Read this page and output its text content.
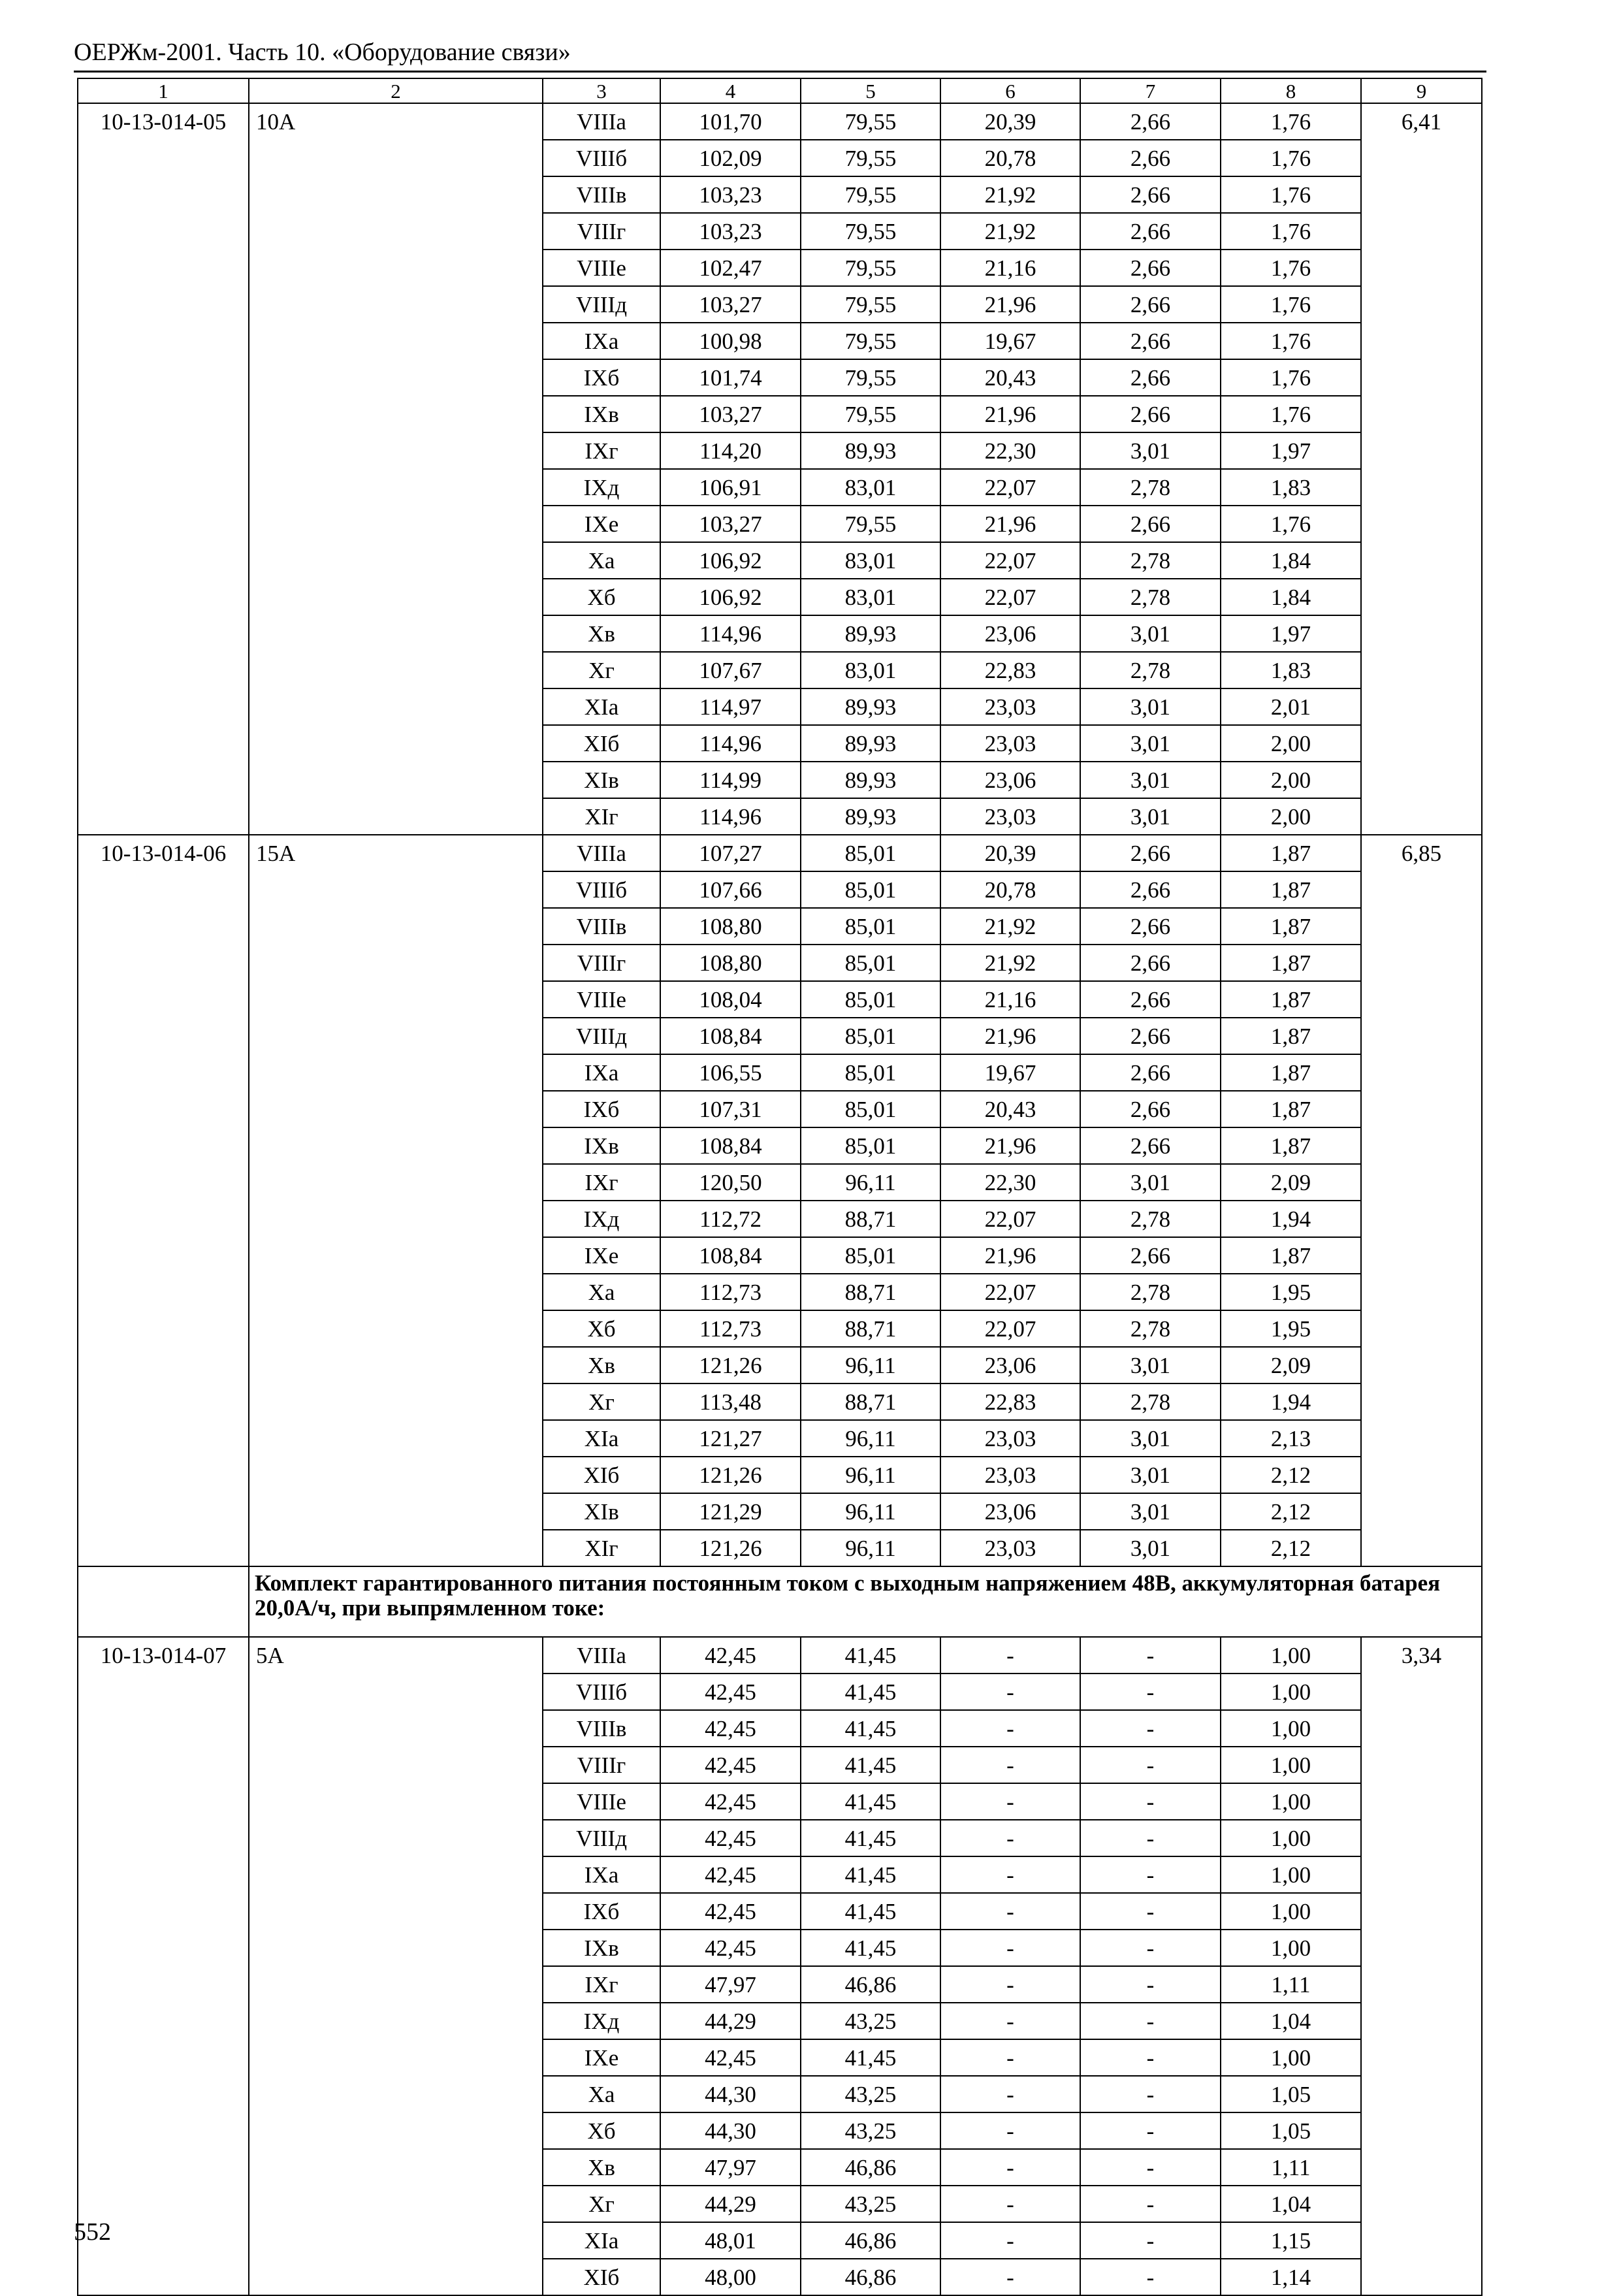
ОЕРЖм-2001. Часть 10. «Оборудование связи»
1	2	3	4	5	6	7	8	9
10-13-014-05	10А	VIIIа	101,70	79,55	20,39	2,66	1,76	6,41
		VIIIб	102,09	79,55	20,78	2,66	1,76	
		VIIIв	103,23	79,55	21,92	2,66	1,76	
		VIIIг	103,23	79,55	21,92	2,66	1,76	
		VIIIе	102,47	79,55	21,16	2,66	1,76	
		VIIIд	103,27	79,55	21,96	2,66	1,76	
		IXа	100,98	79,55	19,67	2,66	1,76	
		IXб	101,74	79,55	20,43	2,66	1,76	
		IXв	103,27	79,55	21,96	2,66	1,76	
		IXг	114,20	89,93	22,30	3,01	1,97	
		IXд	106,91	83,01	22,07	2,78	1,83	
		IXе	103,27	79,55	21,96	2,66	1,76	
		Xа	106,92	83,01	22,07	2,78	1,84	
		Xб	106,92	83,01	22,07	2,78	1,84	
		Xв	114,96	89,93	23,06	3,01	1,97	
		Xг	107,67	83,01	22,83	2,78	1,83	
		XIа	114,97	89,93	23,03	3,01	2,01	
		XIб	114,96	89,93	23,03	3,01	2,00	
		XIв	114,99	89,93	23,06	3,01	2,00	
		XIг	114,96	89,93	23,03	3,01	2,00	
10-13-014-06	15А	VIIIа	107,27	85,01	20,39	2,66	1,87	6,85
		VIIIб	107,66	85,01	20,78	2,66	1,87	
		VIIIв	108,80	85,01	21,92	2,66	1,87	
		VIIIг	108,80	85,01	21,92	2,66	1,87	
		VIIIе	108,04	85,01	21,16	2,66	1,87	
		VIIIд	108,84	85,01	21,96	2,66	1,87	
		IXа	106,55	85,01	19,67	2,66	1,87	
		IXб	107,31	85,01	20,43	2,66	1,87	
		IXв	108,84	85,01	21,96	2,66	1,87	
		IXг	120,50	96,11	22,30	3,01	2,09	
		IXд	112,72	88,71	22,07	2,78	1,94	
		IXе	108,84	85,01	21,96	2,66	1,87	
		Xа	112,73	88,71	22,07	2,78	1,95	
		Xб	112,73	88,71	22,07	2,78	1,95	
		Xв	121,26	96,11	23,06	3,01	2,09	
		Xг	113,48	88,71	22,83	2,78	1,94	
		XIа	121,27	96,11	23,03	3,01	2,13	
		XIб	121,26	96,11	23,03	3,01	2,12	
		XIв	121,29	96,11	23,06	3,01	2,12	
		XIг	121,26	96,11	23,03	3,01	2,12	
	Комплект гарантированного питания постоянным током с выходным напряжением 48В, аккумуляторная батарея 20,0А/ч, при выпрямленном токе:							
10-13-014-07	5А	VIIIа	42,45	41,45	-	-	1,00	3,34
		VIIIб	42,45	41,45	-	-	1,00	
		VIIIв	42,45	41,45	-	-	1,00	
		VIIIг	42,45	41,45	-	-	1,00	
		VIIIе	42,45	41,45	-	-	1,00	
		VIIIд	42,45	41,45	-	-	1,00	
		IXа	42,45	41,45	-	-	1,00	
		IXб	42,45	41,45	-	-	1,00	
		IXв	42,45	41,45	-	-	1,00	
		IXг	47,97	46,86	-	-	1,11	
		IXд	44,29	43,25	-	-	1,04	
		IXе	42,45	41,45	-	-	1,00	
		Xа	44,30	43,25	-	-	1,05	
		Xб	44,30	43,25	-	-	1,05	
		Xв	47,97	46,86	-	-	1,11	
		Xг	44,29	43,25	-	-	1,04	
		XIа	48,01	46,86	-	-	1,15	
		XIб	48,00	46,86	-	-	1,14	
552
